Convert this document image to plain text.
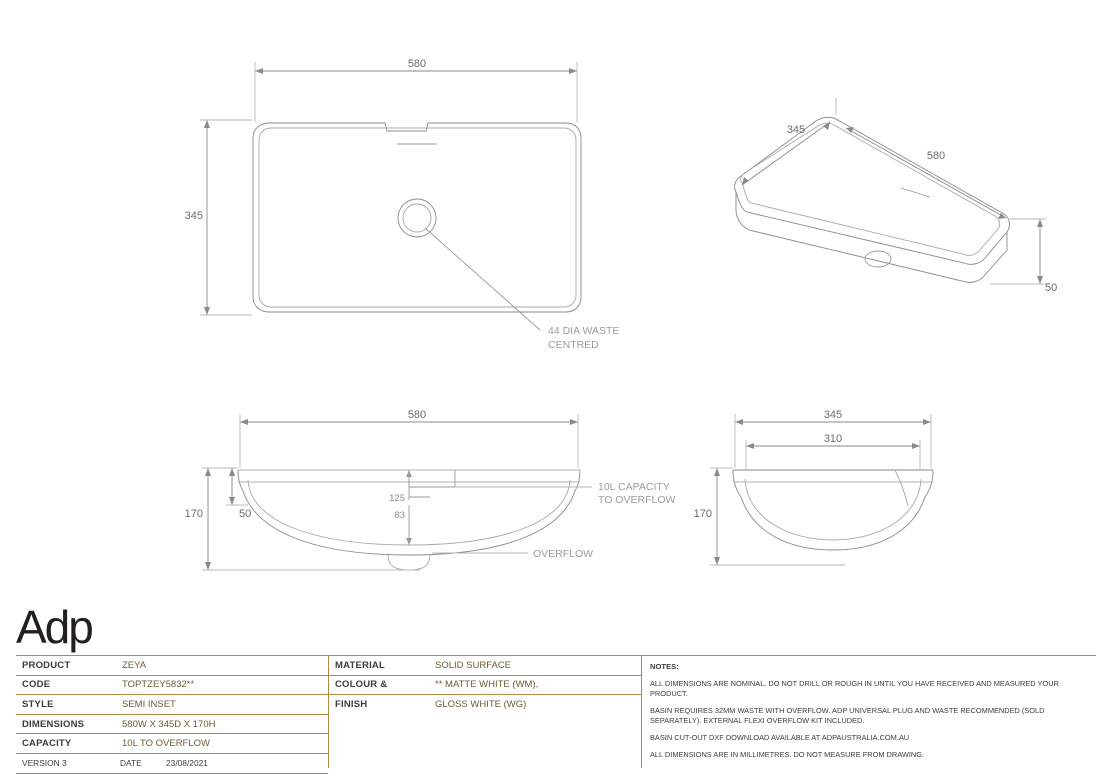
580
345
345
580
50
580
170	50
345
310
170
125
83
44 DIA WASTE
CENTRED
10L CAPACITY
TO OVERFLOW
OVERFLOW
Adp
PRODUCT	ZEYA
CODE	TOPTZEY5832**
STYLE	SEMI INSET
DIMENSIONS	580W X 345D X 170H
CAPACITY	10L TO OVERFLOW
VERSION 3	DATE	23/08/2021
MATERIAL	SOLID SURFACE
COLOUR &	** MATTE WHITE (WM),
FINISH	GLOSS WHITE (WG)

NOTES:

ALL DIMENSIONS ARE NOMINAL. DO NOT DRILL OR ROUGH IN UNTIL YOU HAVE RECEIVED AND MEASURED YOUR PRODUCT.

BASIN REQUIRES 32MM WASTE WITH OVERFLOW. ADP UNIVERSAL PLUG AND WASTE RECOMMENDED (SOLD SEPARATELY). EXTERNAL FLEXI OVERFLOW KIT INCLUDED.

BASIN CUT-OUT DXF DOWNLOAD AVAILABLE AT ADPAUSTRALIA.COM.AU

ALL DIMENSIONS ARE IN MILLIMETRES. DO NOT MEASURE FROM DRAWING.
